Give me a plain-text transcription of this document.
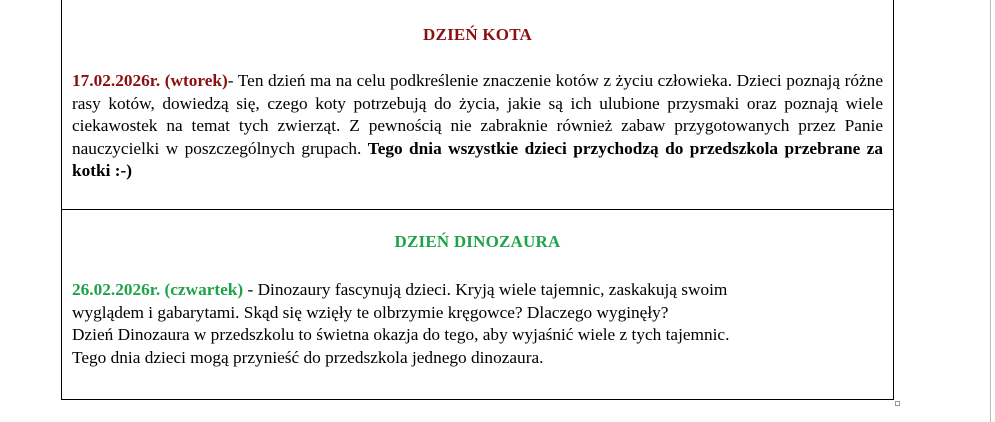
DZIEŃ KOTA

17.02.2026r. (wtorek)- Ten dzień ma na celu podkreślenie znaczenie kotów z życiu człowieka. Dzieci poznają różne rasy kotów, dowiedzą się, czego koty potrzebują do życia, jakie są ich ulubione przysmaki oraz poznają wiele ciekawostek na temat tych zwierząt. Z pewnością nie zabraknie również zabaw przygotowanych przez Panie nauczycielki w poszczególnych grupach. Tego dnia wszystkie dzieci przychodzą do przedszkola przebrane za kotki :-)

DZIEŃ DINOZAURA

26.02.2026r. (czwartek) - Dinozaury fascynują dzieci. Kryją wiele tajemnic, zaskakują swoim
wyglądem i gabarytami. Skąd się wzięły te olbrzymie kręgowce? Dlaczego wyginęły?
Dzień Dinozaura w przedszkolu to świetna okazja do tego, aby wyjaśnić wiele z tych tajemnic.
Tego dnia dzieci mogą przynieść do przedszkola jednego dinozaura.
